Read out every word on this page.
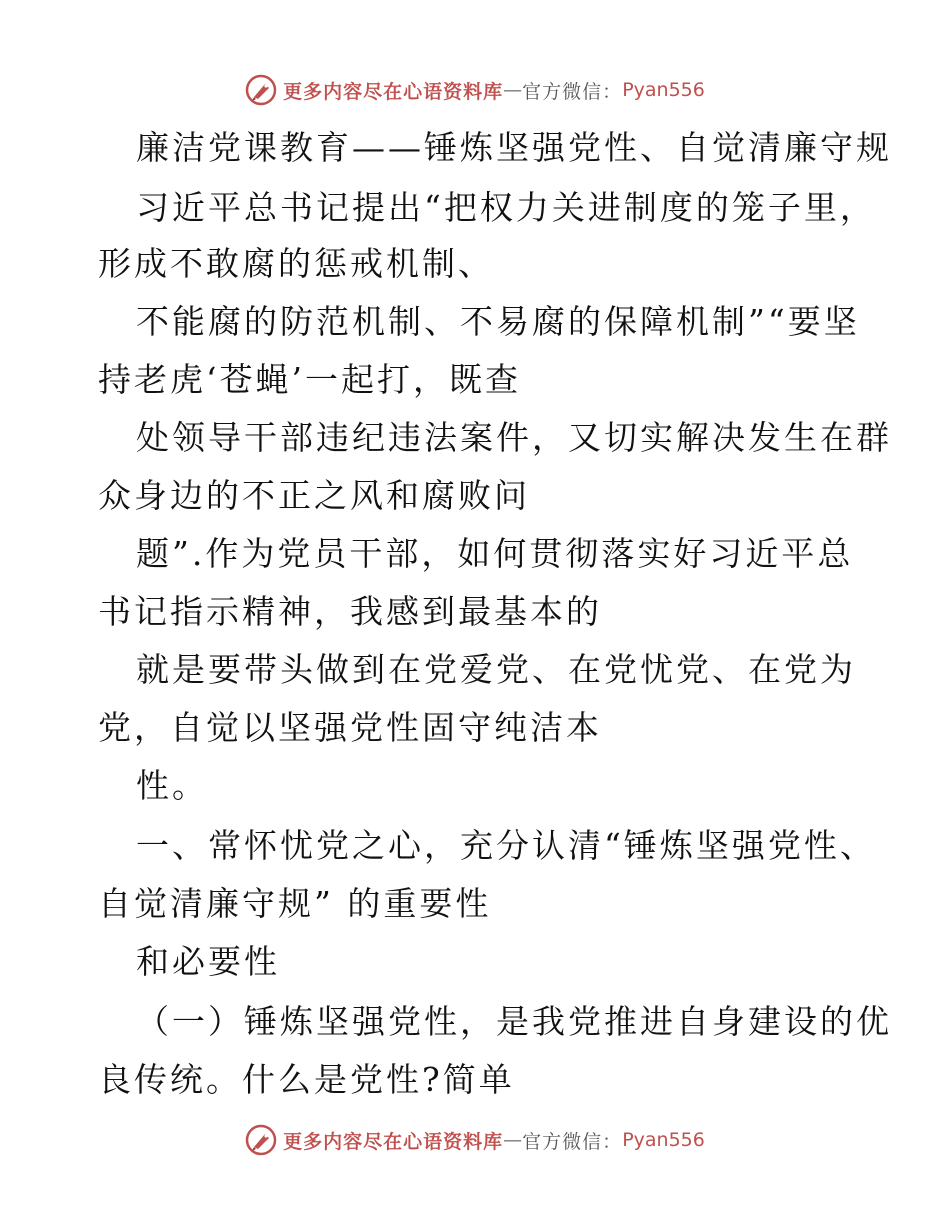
更多内容尽在心语资料库 — 官方微信： Pyan556
廉洁党课教育——锤炼坚强党性、自觉清廉守规
习近平总书记提出“把权力关进制度的笼子里，
形成不敢腐的惩戒机制、
不能腐的防范机制、不易腐的保障机制”“要坚
持老虎‘苍蝇’一起打，既查
处领导干部违纪违法案件，又切实解决发生在群
众身边的不正之风和腐败问
题”.作为党员干部，如何贯彻落实好习近平总
书记指示精神，我感到最基本的
就是要带头做到在党爱党、在党忧党、在党为
党，自觉以坚强党性固守纯洁本
性。
一、常怀忧党之心，充分认清“锤炼坚强党性、
自觉清廉守规” 的重要性
和必要性
（一）锤炼坚强党性，是我党推进自身建设的优
良传统。什么是党性?简单
更多内容尽在心语资料库 — 官方微信： Pyan556
